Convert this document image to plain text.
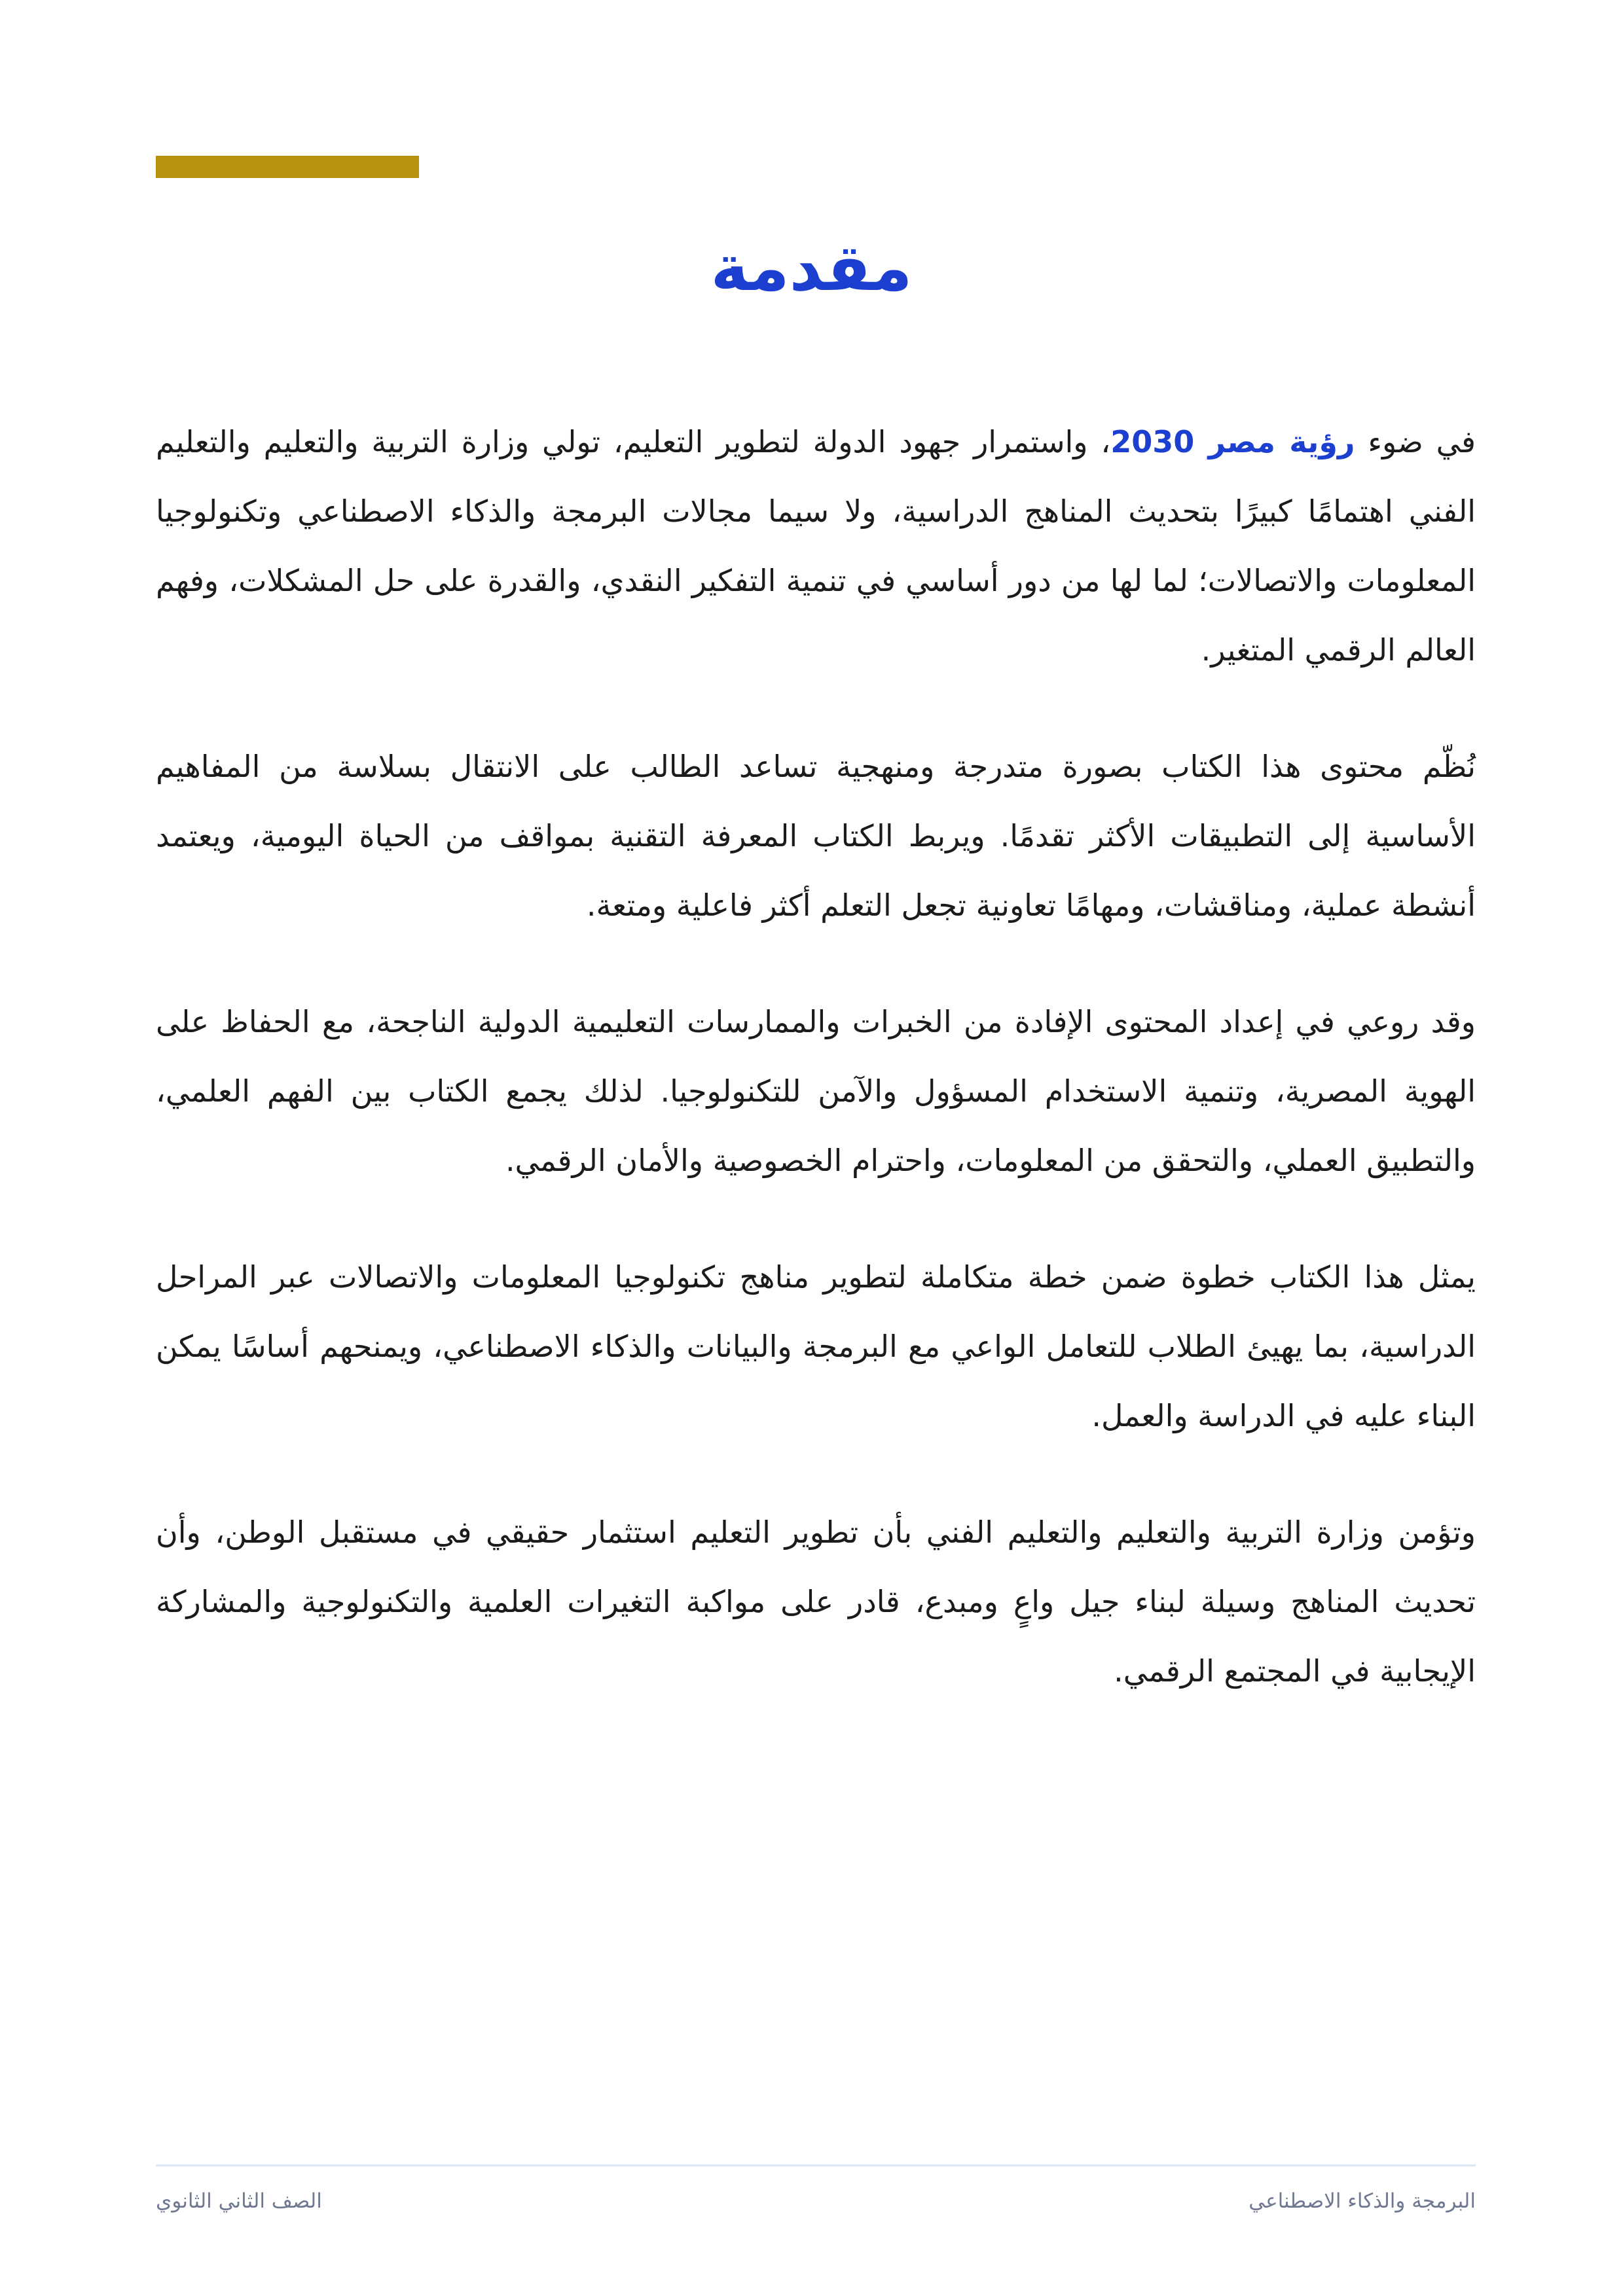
مقدمة

في ضوء رؤية مصر 2030، واستمرار جهود الدولة لتطوير التعليم، تولي وزارة التربية والتعليم والتعليم الفني اهتمامًا كبيرًا بتحديث المناهج الدراسية، ولا سيما مجالات البرمجة والذكاء الاصطناعي وتكنولوجيا المعلومات والاتصالات؛ لما لها من دور أساسي في تنمية التفكير النقدي، والقدرة على حل المشكلات، وفهم العالم الرقمي المتغير.

نُظّم محتوى هذا الكتاب بصورة متدرجة ومنهجية تساعد الطالب على الانتقال بسلاسة من المفاهيم الأساسية إلى التطبيقات الأكثر تقدمًا. ويربط الكتاب المعرفة التقنية بمواقف من الحياة اليومية، ويعتمد أنشطة عملية، ومناقشات، ومهامًا تعاونية تجعل التعلم أكثر فاعلية ومتعة.

وقد روعي في إعداد المحتوى الإفادة من الخبرات والممارسات التعليمية الدولية الناجحة، مع الحفاظ على الهوية المصرية، وتنمية الاستخدام المسؤول والآمن للتكنولوجيا. لذلك يجمع الكتاب بين الفهم العلمي، والتطبيق العملي، والتحقق من المعلومات، واحترام الخصوصية والأمان الرقمي.

يمثل هذا الكتاب خطوة ضمن خطة متكاملة لتطوير مناهج تكنولوجيا المعلومات والاتصالات عبر المراحل الدراسية، بما يهيئ الطلاب للتعامل الواعي مع البرمجة والبيانات والذكاء الاصطناعي، ويمنحهم أساسًا يمكن البناء عليه في الدراسة والعمل.

وتؤمن وزارة التربية والتعليم والتعليم الفني بأن تطوير التعليم استثمار حقيقي في مستقبل الوطن، وأن تحديث المناهج وسيلة لبناء جيل واعٍ ومبدع، قادر على مواكبة التغيرات العلمية والتكنولوجية والمشاركة الإيجابية في المجتمع الرقمي.

البرمجة والذكاء الاصطناعي
الصف الثاني الثانوي
